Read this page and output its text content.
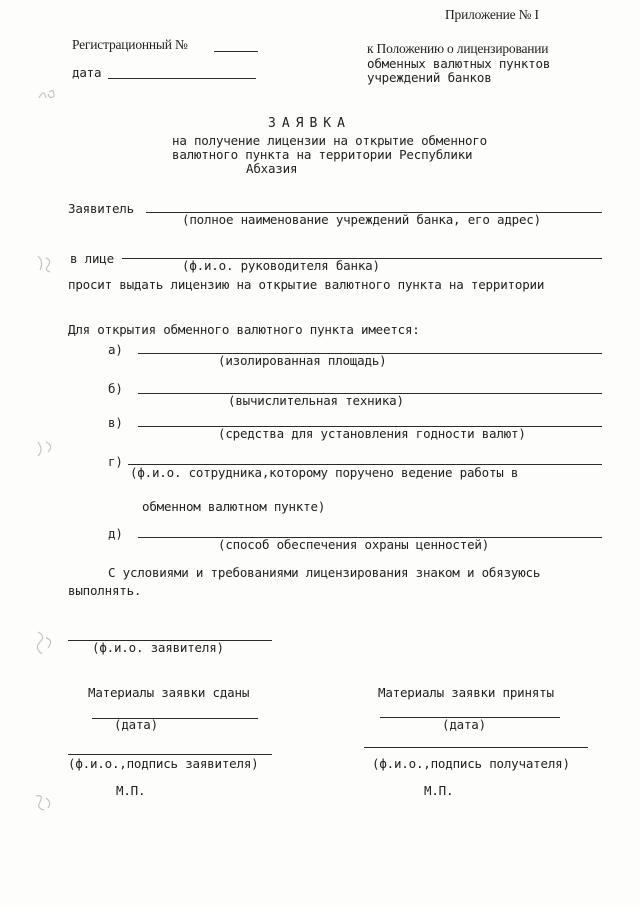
Приложение № I
к Положению о лицензировании
обменных валютных пунктов
учреждений банков
Регистрационный №
дата
ЗАЯВКА
на получение лицензии на открытие обменного
валютного пункта на территории Республики
Абхазия
Заявитель
(полное наименование учреждений банка, его адрес)
в лице	(ф.и.о. руководителя банка)
просит выдать лицензию на открытие валютного пункта на территории
Для открытия обменного валютного пункта имеется:
а)
(изолированная площадь)
б)
(вычислительная техника)
в)
(средства для установления годности валют)
г)
(ф.и.о. сотрудника,которому поручено ведение работы в
обменном валютном пункте)
д)
(способ обеспечения охраны ценностей)
С условиями и требованиями лицензирования знаком и обязуюсь
выполнять.
(ф.и.о. заявителя)
Материалы заявки сданы	Материалы заявки приняты
(дата)	(дата)
(ф.и.о.,подпись заявителя)	(ф.и.о.,подпись получателя)
М.П.	М.П.
